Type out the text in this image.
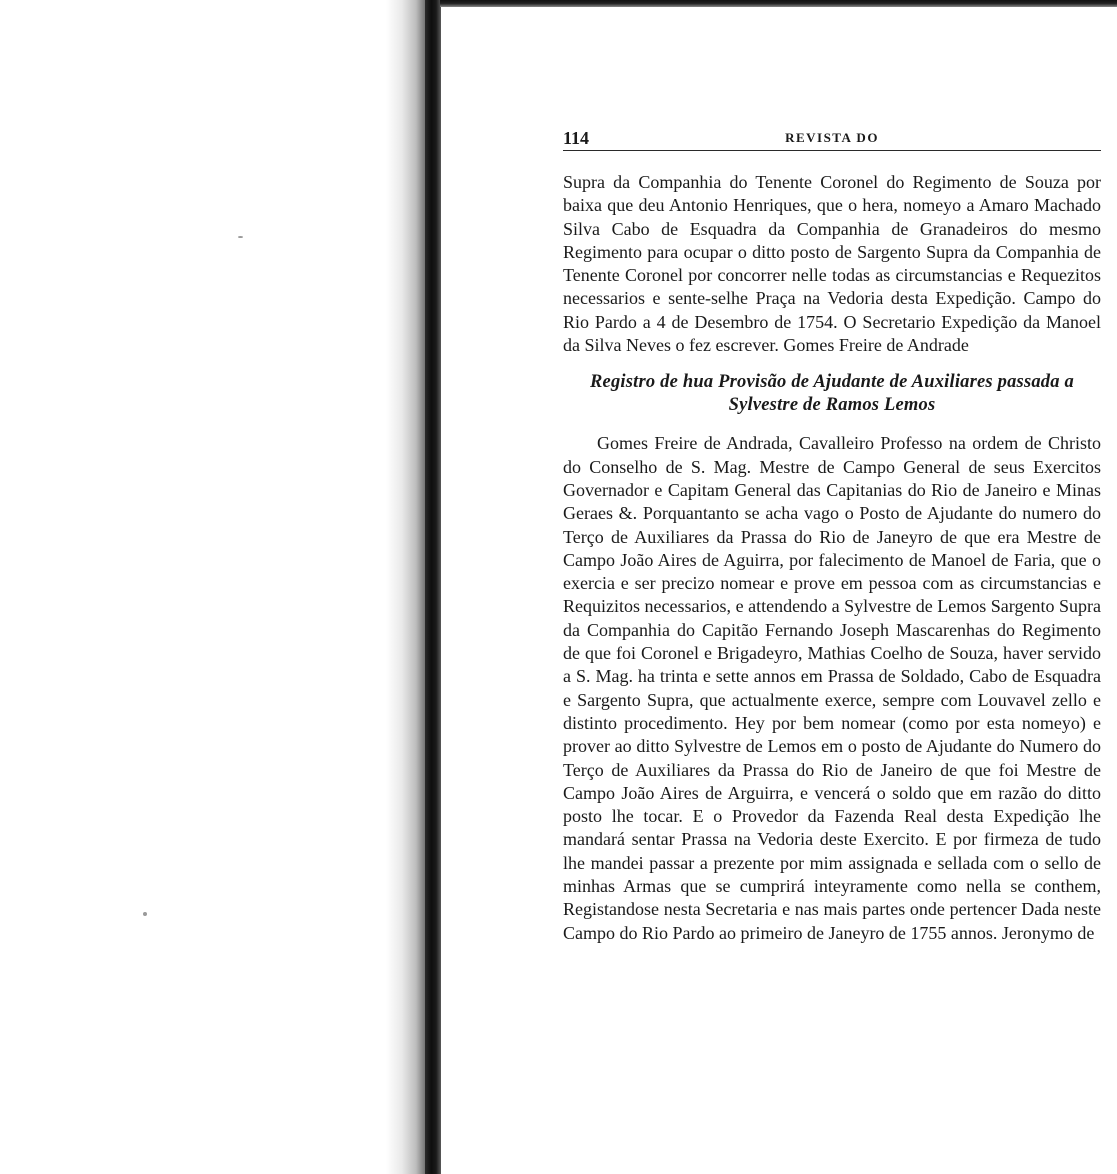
114	REVISTA DO

Supra da Companhia do Tenente Coronel do Regimento de Souza por baixa que deu Antonio Henriques, que o hera, nomeyo a Amaro Machado Silva Cabo de Esquadra da Companhia de Granadeiros do mesmo Regimento para ocupar o ditto posto de Sargento Supra da Companhia de Tenente Coronel por concorrer nelle todas as circumstancias e Requezitos necessarios e sente-selhe Praça na Vedoria desta Expedição. Campo do Rio Pardo a 4 de Desembro de 1754. O Secretario Expedição da Manoel da Silva Neves o fez escrever. Gomes Freire de Andrade

Registro de hua Provisão de Ajudante de Auxiliares passada a Sylvestre de Ramos Lemos

Gomes Freire de Andrada, Cavalleiro Professo na ordem de Christo do Conselho de S. Mag. Mestre de Campo General de seus Exercitos Governador e Capitam General das Capitanias do Rio de Janeiro e Minas Geraes &. Porquantanto se acha vago o Posto de Ajudante do numero do Terço de Auxiliares da Prassa do Rio de Janeyro de que era Mestre de Campo João Aires de Aguirra, por falecimento de Manoel de Faria, que o exercia e ser precizo nomear e prove em pessoa com as circumstancias e Requizitos necessarios, e attendendo a Sylvestre de Lemos Sargento Supra da Companhia do Capitão Fernando Joseph Mascarenhas do Regimento de que foi Coronel e Brigadeyro, Mathias Coelho de Souza, haver servido a S. Mag. ha trinta e sette annos em Prassa de Soldado, Cabo de Esquadra e Sargento Supra, que actualmente exerce, sempre com Louvavel zello e distinto procedimento. Hey por bem nomear (como por esta nomeyo) e prover ao ditto Sylvestre de Lemos em o posto de Ajudante do Numero do Terço de Auxiliares da Prassa do Rio de Janeiro de que foi Mestre de Campo João Aires de Arguirra, e vencerá o soldo que em razão do ditto posto lhe tocar. E o Provedor da Fazenda Real desta Expedição lhe mandará sentar Prassa na Vedoria deste Exercito. E por firmeza de tudo lhe mandei passar a prezente por mim assignada e sellada com o sello de minhas Armas que se cumprirá inteyramente como nella se conthem, Registandose nesta Secretaria e nas mais partes onde pertencer Dada neste Campo do Rio Pardo ao primeiro de Janeyro de 1755 annos. Jeronymo de
